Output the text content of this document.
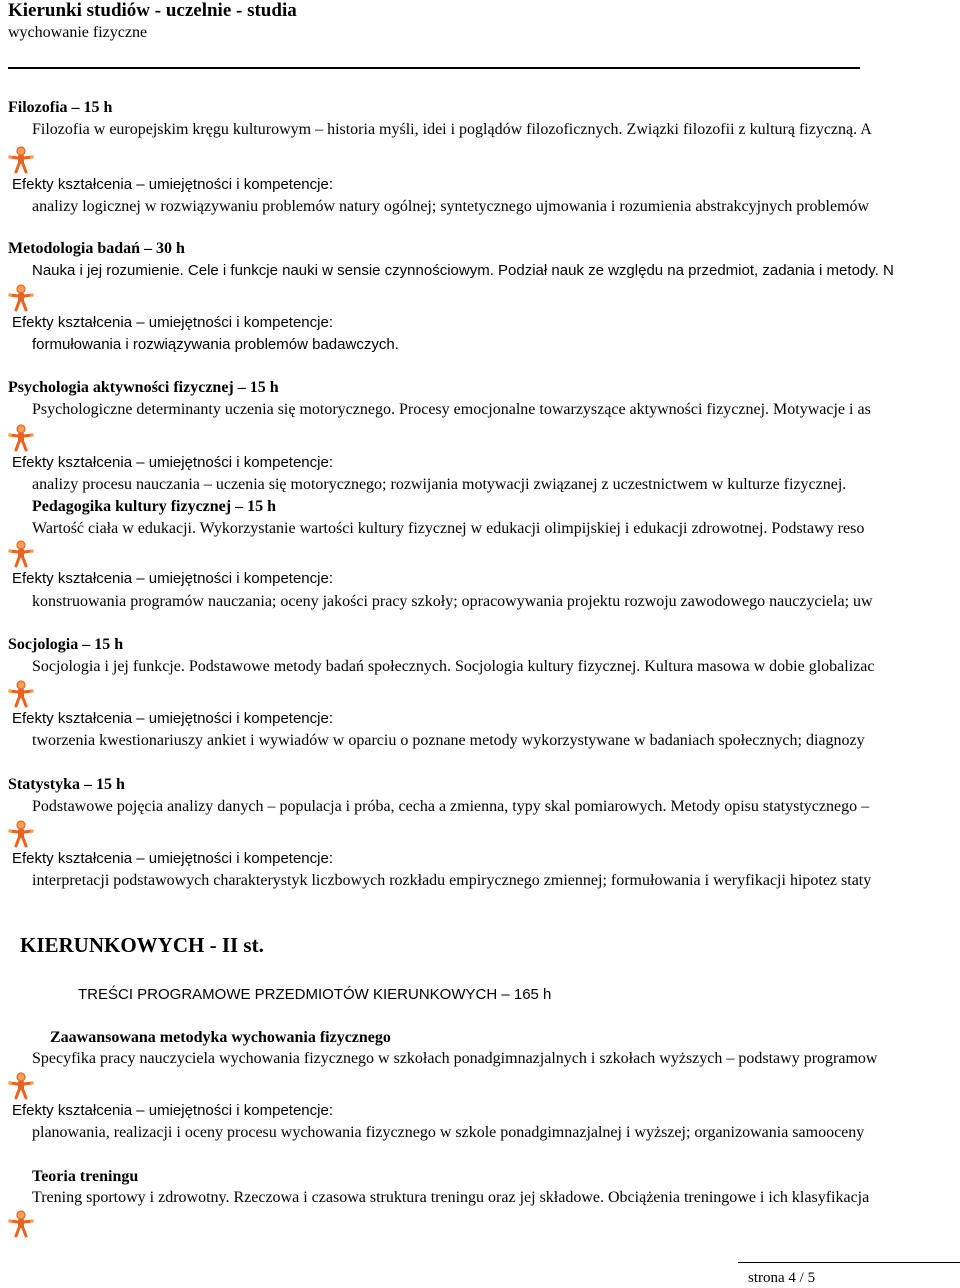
Kierunki studiów - uczelnie - studia
wychowanie fizyczne
Filozofia – 15 h
Filozofia w europejskim kręgu kulturowym – historia myśli, idei i poglądów filozoficznych. Związki filozofii z kulturą fizyczną. A
Efekty kształcenia – umiejętności i kompetencje:
analizy logicznej w rozwiązywaniu problemów natury ogólnej; syntetycznego ujmowania i rozumienia abstrakcyjnych problemów
Metodologia badań – 30 h
Nauka i jej rozumienie. Cele i funkcje nauki w sensie czynnościowym. Podział nauk ze względu na przedmiot, zadania i metody. N
Efekty kształcenia – umiejętności i kompetencje:
formułowania i rozwiązywania problemów badawczych.
Psychologia aktywności fizycznej – 15 h
Psychologiczne determinanty uczenia się motorycznego. Procesy emocjonalne towarzyszące aktywności fizycznej. Motywacje i as
Efekty kształcenia – umiejętności i kompetencje:
analizy procesu nauczania – uczenia się motorycznego; rozwijania motywacji związanej z uczestnictwem w kulturze fizycznej.
Pedagogika kultury fizycznej – 15 h
Wartość ciała w edukacji. Wykorzystanie wartości kultury fizycznej w edukacji olimpijskiej i edukacji zdrowotnej. Podstawy reso
Efekty kształcenia – umiejętności i kompetencje:
konstruowania programów nauczania; oceny jakości pracy szkoły; opracowywania projektu rozwoju zawodowego nauczyciela; uw
Socjologia – 15 h
Socjologia i jej funkcje. Podstawowe metody badań społecznych. Socjologia kultury fizycznej. Kultura masowa w dobie globalizac
Efekty kształcenia – umiejętności i kompetencje:
tworzenia kwestionariuszy ankiet i wywiadów w oparciu o poznane metody wykorzystywane w badaniach społecznych; diagnozy
Statystyka – 15 h
Podstawowe pojęcia analizy danych – populacja i próba, cecha a zmienna, typy skal pomiarowych. Metody opisu statystycznego –
Efekty kształcenia – umiejętności i kompetencje:
interpretacji podstawowych charakterystyk liczbowych rozkładu empirycznego zmiennej; formułowania i weryfikacji hipotez staty
KIERUNKOWYCH - II st.
TREŚCI PROGRAMOWE PRZEDMIOTÓW KIERUNKOWYCH – 165 h
Zaawansowana metodyka wychowania fizycznego
Specyfika pracy nauczyciela wychowania fizycznego w szkołach ponadgimnazjalnych i szkołach wyższych – podstawy programow
Efekty kształcenia – umiejętności i kompetencje:
planowania, realizacji i oceny procesu wychowania fizycznego w szkole ponadgimnazjalnej i wyższej; organizowania samooceny
Teoria treningu
Trening sportowy i zdrowotny. Rzeczowa i czasowa struktura treningu oraz jej składowe. Obciążenia treningowe i ich klasyfikacja
strona 4 / 5
